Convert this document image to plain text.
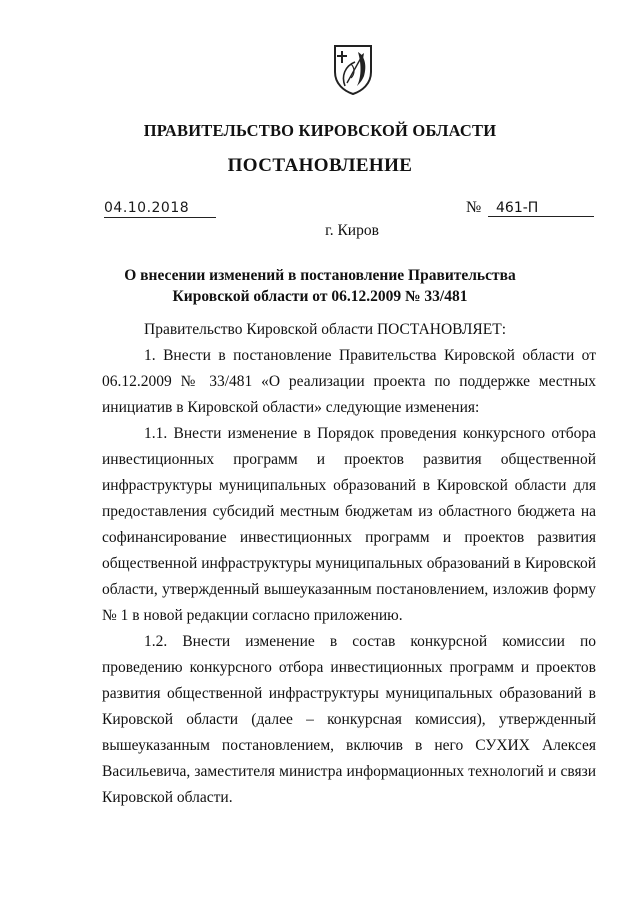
ПРАВИТЕЛЬСТВО КИРОВСКОЙ ОБЛАСТИ
ПОСТАНОВЛЕНИЕ
04.10.2018	№ 461-П
г. Киров
О внесении изменений в постановление Правительства
Кировской области от 06.12.2009 № 33/481

Правительство Кировской области ПОСТАНОВЛЯЕТ:

1. Внести в постановление Правительства Кировской области от 06.12.2009 № 33/481 «О реализации проекта по поддержке местных инициатив в Кировской области» следующие изменения:

1.1. Внести изменение в Порядок проведения конкурсного отбора инвестиционных программ и проектов развития общественной инфраструктуры муниципальных образований в Кировской области для предоставления субсидий местным бюджетам из областного бюджета на софинансирование инвестиционных программ и проектов развития общественной инфраструктуры муниципальных образований в Кировской области, утвержденный вышеуказанным постановлением, изложив форму № 1 в новой редакции согласно приложению.

1.2. Внести изменение в состав конкурсной комиссии по проведению конкурсного отбора инвестиционных программ и проектов развития общественной инфраструктуры муниципальных образований в Кировской области (далее – конкурсная комиссия), утвержденный вышеуказанным постановлением, включив в него СУХИХ Алексея Васильевича, заместителя министра информационных технологий и связи Кировской области.
